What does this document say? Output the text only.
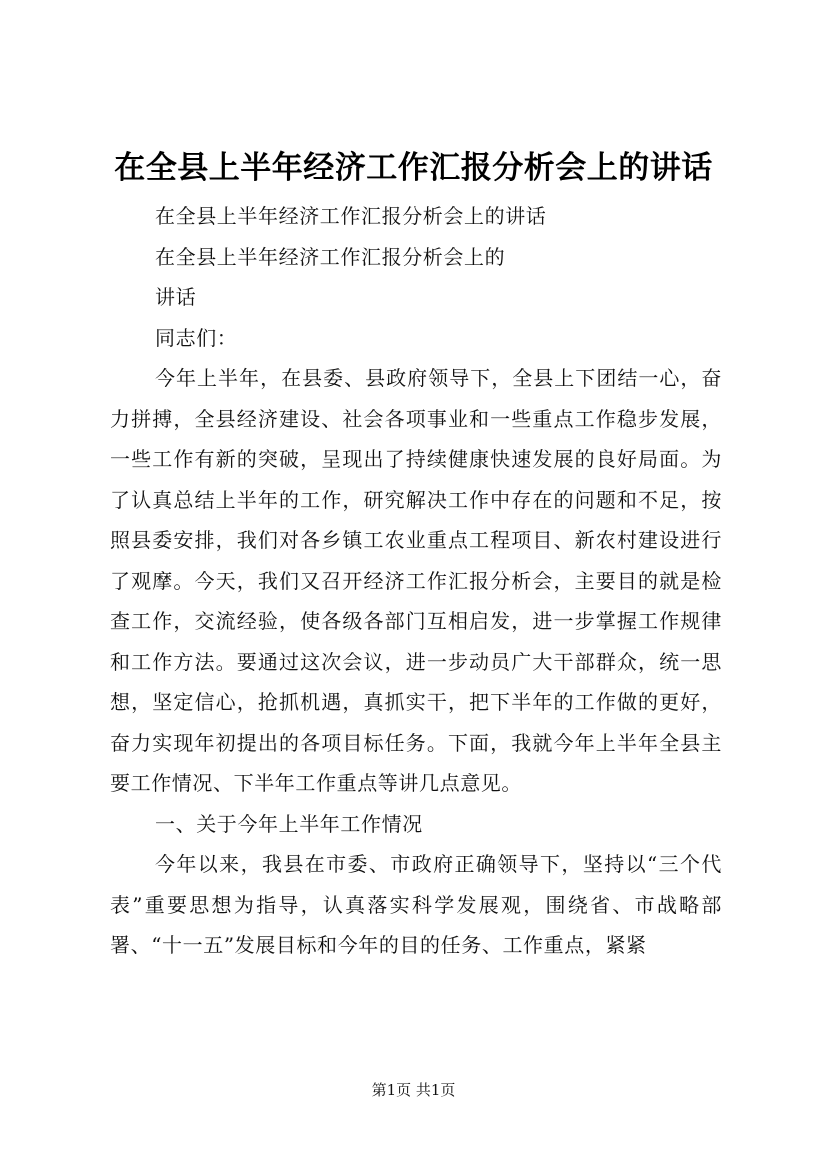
在全县上半年经济工作汇报分析会上的讲话

在全县上半年经济工作汇报分析会上的讲话

在全县上半年经济工作汇报分析会上的

讲话

同志们：

今年上半年，在县委、县政府领导下，全县上下团结一心，奋力拼搏，全县经济建设、社会各项事业和一些重点工作稳步发展，一些工作有新的突破，呈现出了持续健康快速发展的良好局面。为了认真总结上半年的工作，研究解决工作中存在的问题和不足，按照县委安排，我们对各乡镇工农业重点工程项目、新农村建设进行了观摩。今天，我们又召开经济工作汇报分析会，主要目的就是检查工作，交流经验，使各级各部门互相启发，进一步掌握工作规律和工作方法。要通过这次会议，进一步动员广大干部群众，统一思想，坚定信心，抢抓机遇，真抓实干，把下半年的工作做的更好，奋力实现年初提出的各项目标任务。下面，我就今年上半年全县主要工作情况、下半年工作重点等讲几点意见。

一、关于今年上半年工作情况

今年以来，我县在市委、市政府正确领导下，坚持以“三个代表”重要思想为指导，认真落实科学发展观，围绕省、市战略部署、“十一五”发展目标和今年的目的任务、工作重点，紧紧

第1页 共1页
